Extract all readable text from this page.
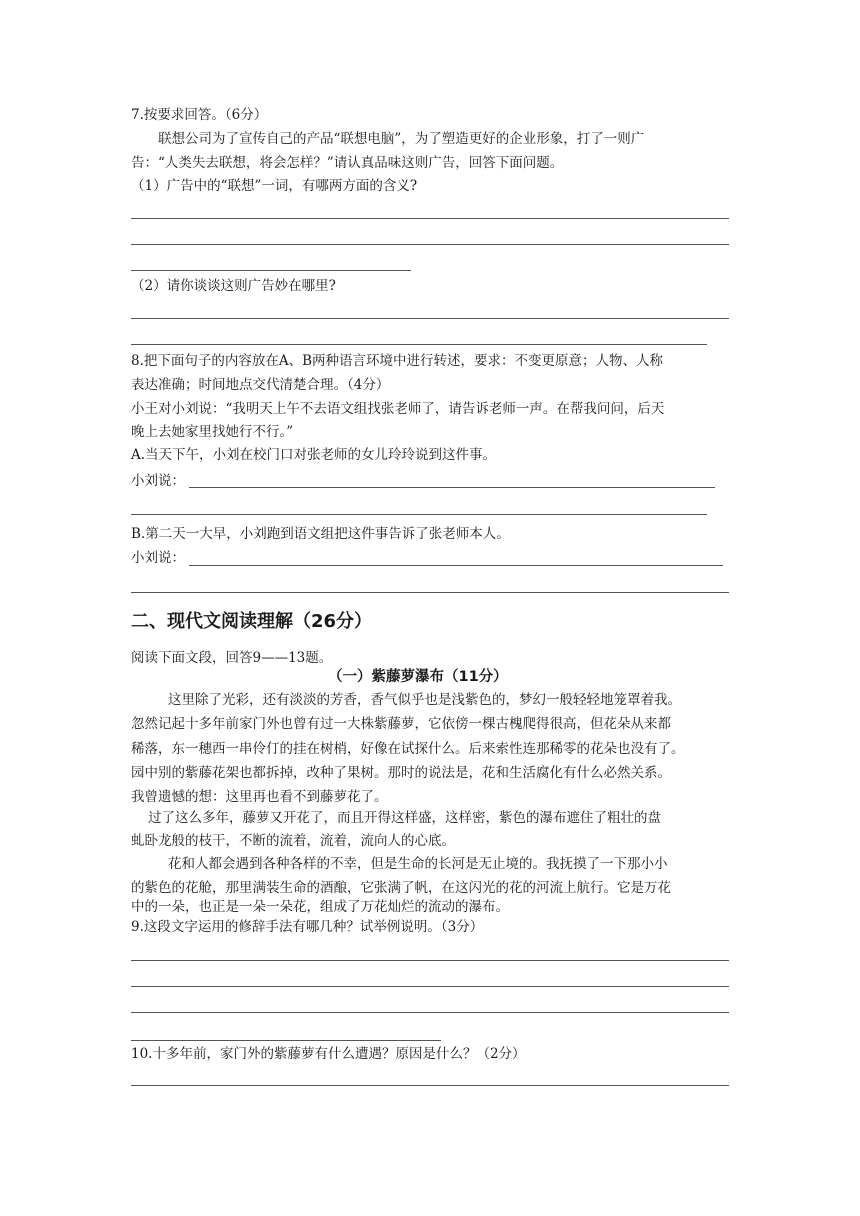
7.按要求回答。（6分）
联想公司为了宣传自己的产品“联想电脑”，为了塑造更好的企业形象，打了一则广
告：“人类失去联想，将会怎样？”请认真品味这则广告，回答下面问题。
（1）广告中的“联想”一词，有哪两方面的含义?
（2）请你谈谈这则广告妙在哪里?
8.把下面句子的内容放在A、B两种语言环境中进行转述，要求：不变更原意；人物、人称
表达准确；时间地点交代清楚合理。（4分）
小王对小刘说：“我明天上午不去语文组找张老师了，请告诉老师一声。在帮我问问，后天
晚上去她家里找她行不行。”
A.当天下午，小刘在校门口对张老师的女儿玲玲说到这件事。
小刘说：
B.第二天一大早，小刘跑到语文组把这件事告诉了张老师本人。
小刘说：
二、现代文阅读理解（26分）
阅读下面文段，回答9——13题。
（一）紫藤萝瀑布（11分）
这里除了光彩，还有淡淡的芳香，香气似乎也是浅紫色的，梦幻一般轻轻地笼罩着我。
忽然记起十多年前家门外也曾有过一大株紫藤萝，它依傍一棵古槐爬得很高，但花朵从来都
稀落，东一穗西一串伶仃的挂在树梢，好像在试探什么。后来索性连那稀零的花朵也没有了。
园中别的紫藤花架也都拆掉，改种了果树。那时的说法是，花和生活腐化有什么必然关系。
我曾遗憾的想：这里再也看不到藤萝花了。
过了这么多年，藤萝又开花了，而且开得这样盛，这样密，紫色的瀑布遮住了粗壮的盘
虬卧龙般的枝干，不断的流着，流着，流向人的心底。
花和人都会遇到各种各样的不幸，但是生命的长河是无止境的。我抚摸了一下那小小
的紫色的花舱，那里满装生命的酒酿，它张满了帆，在这闪光的花的河流上航行。它是万花
中的一朵，也正是一朵一朵花，组成了万花灿烂的流动的瀑布。
9.这段文字运用的修辞手法有哪几种？试举例说明。（3分）
10.十多年前，家门外的紫藤萝有什么遭遇？原因是什么？（2分）
